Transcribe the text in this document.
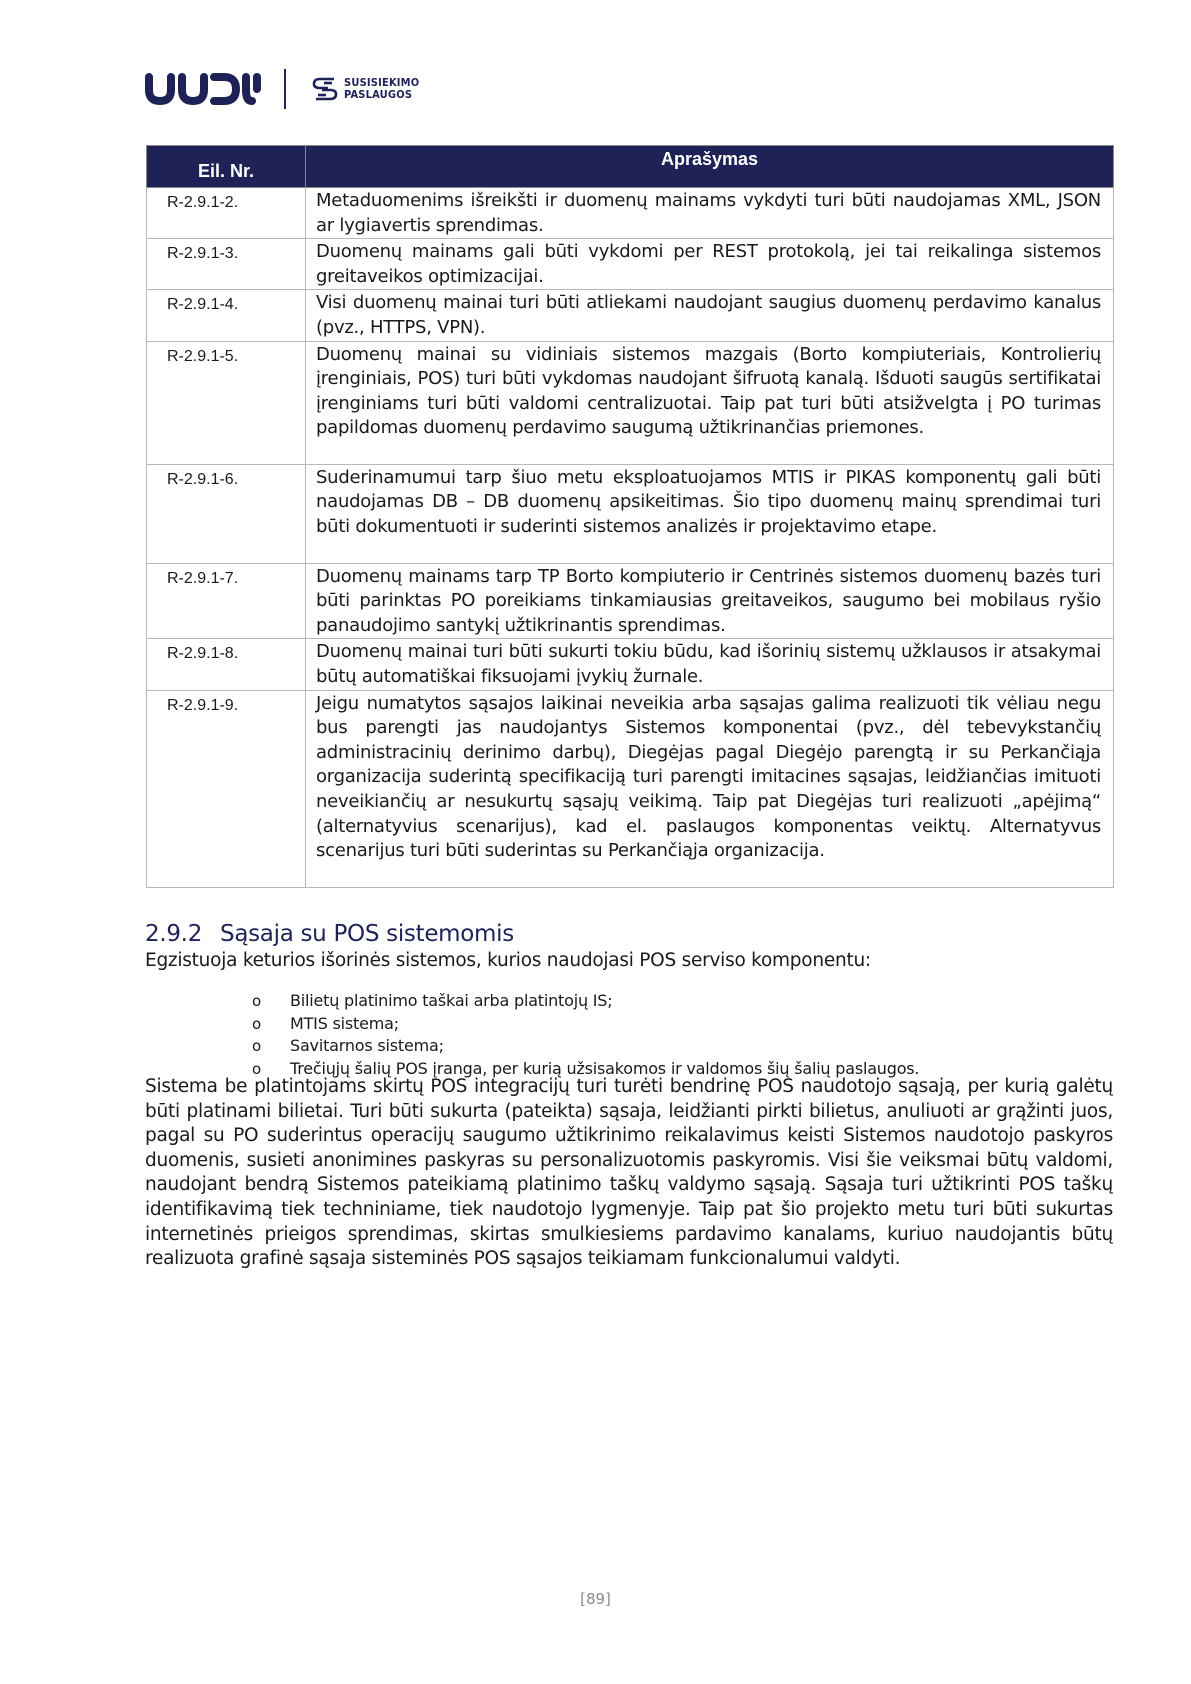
SUSISIEKIMO
PASLAUGOS
Eil. Nr.	Aprašymas
R-2.9.1-2.	Metaduomenims išreikšti ir duomenų mainams vykdyti turi būti naudojamas XML, JSON ar lygiavertis sprendimas.
R-2.9.1-3.	Duomenų mainams gali būti vykdomi per REST protokolą, jei tai reikalinga sistemos greitaveikos optimizacijai.
R-2.9.1-4.	Visi duomenų mainai turi būti atliekami naudojant saugius duomenų perdavimo kanalus (pvz., HTTPS, VPN).
R-2.9.1-5.	Duomenų mainai su vidiniais sistemos mazgais (Borto kompiuteriais, Kontrolierių įrenginiais, POS) turi būti vykdomas naudojant šifruotą kanalą. Išduoti saugūs sertifikatai įrenginiams turi būti valdomi centralizuotai. Taip pat turi būti atsižvelgta į PO turimas papildomas duomenų perdavimo saugumą užtikrinančias priemones.
R-2.9.1-6.	Suderinamumui tarp šiuo metu eksploatuojamos MTIS ir PIKAS komponentų gali būti naudojamas DB – DB duomenų apsikeitimas. Šio tipo duomenų mainų sprendimai turi būti dokumentuoti ir suderinti sistemos analizės ir projektavimo etape.
R-2.9.1-7.	Duomenų mainams tarp TP Borto kompiuterio ir Centrinės sistemos duomenų bazės turi būti parinktas PO poreikiams tinkamiausias greitaveikos, saugumo bei mobilaus ryšio panaudojimo santykį užtikrinantis sprendimas.
R-2.9.1-8.	Duomenų mainai turi būti sukurti tokiu būdu, kad išorinių sistemų užklausos ir atsakymai būtų automatiškai fiksuojami įvykių žurnale.
R-2.9.1-9.	Jeigu numatytos sąsajos laikinai neveikia arba sąsajas galima realizuoti tik vėliau negu bus parengti jas naudojantys Sistemos komponentai (pvz., dėl tebevykstančių administracinių derinimo darbų), Diegėjas pagal Diegėjo parengtą ir su Perkančiąja organizacija suderintą specifikaciją turi parengti imitacines sąsajas, leidžiančias imituoti neveikiančių ar nesukurtų sąsajų veikimą. Taip pat Diegėjas turi realizuoti „apėjimą“ (alternatyvius scenarijus), kad el. paslaugos komponentas veiktų. Alternatyvus scenarijus turi būti suderintas su Perkančiąja organizacija.
2.9.2 Sąsaja su POS sistemomis

Egzistuoja keturios išorinės sistemos, kurios naudojasi POS serviso komponentu:

o	Bilietų platinimo taškai arba platintojų IS;
o	MTIS sistema;
o	Savitarnos sistema;
o	Trečiųjų šalių POS įranga, per kurią užsisakomos ir valdomos šių šalių paslaugos.

Sistema be platintojams skirtų POS integracijų turi turėti bendrinę POS naudotojo sąsają, per kurią galėtų būti platinami bilietai. Turi būti sukurta (pateikta) sąsaja, leidžianti pirkti bilietus, anuliuoti ar grąžinti juos, pagal su PO suderintus operacijų saugumo užtikrinimo reikalavimus keisti Sistemos naudotojo paskyros duomenis, susieti anonimines paskyras su personalizuotomis paskyromis. Visi šie veiksmai būtų valdomi, naudojant bendrą Sistemos pateikiamą platinimo taškų valdymo sąsają. Sąsaja turi užtikrinti POS taškų identifikavimą tiek techniniame, tiek naudotojo lygmenyje. Taip pat šio projekto metu turi būti sukurtas internetinės prieigos sprendimas, skirtas smulkiesiems pardavimo kanalams, kuriuo naudojantis būtų realizuota grafinė sąsaja sisteminės POS sąsajos teikiamam funkcionalumui valdyti.

[89]
